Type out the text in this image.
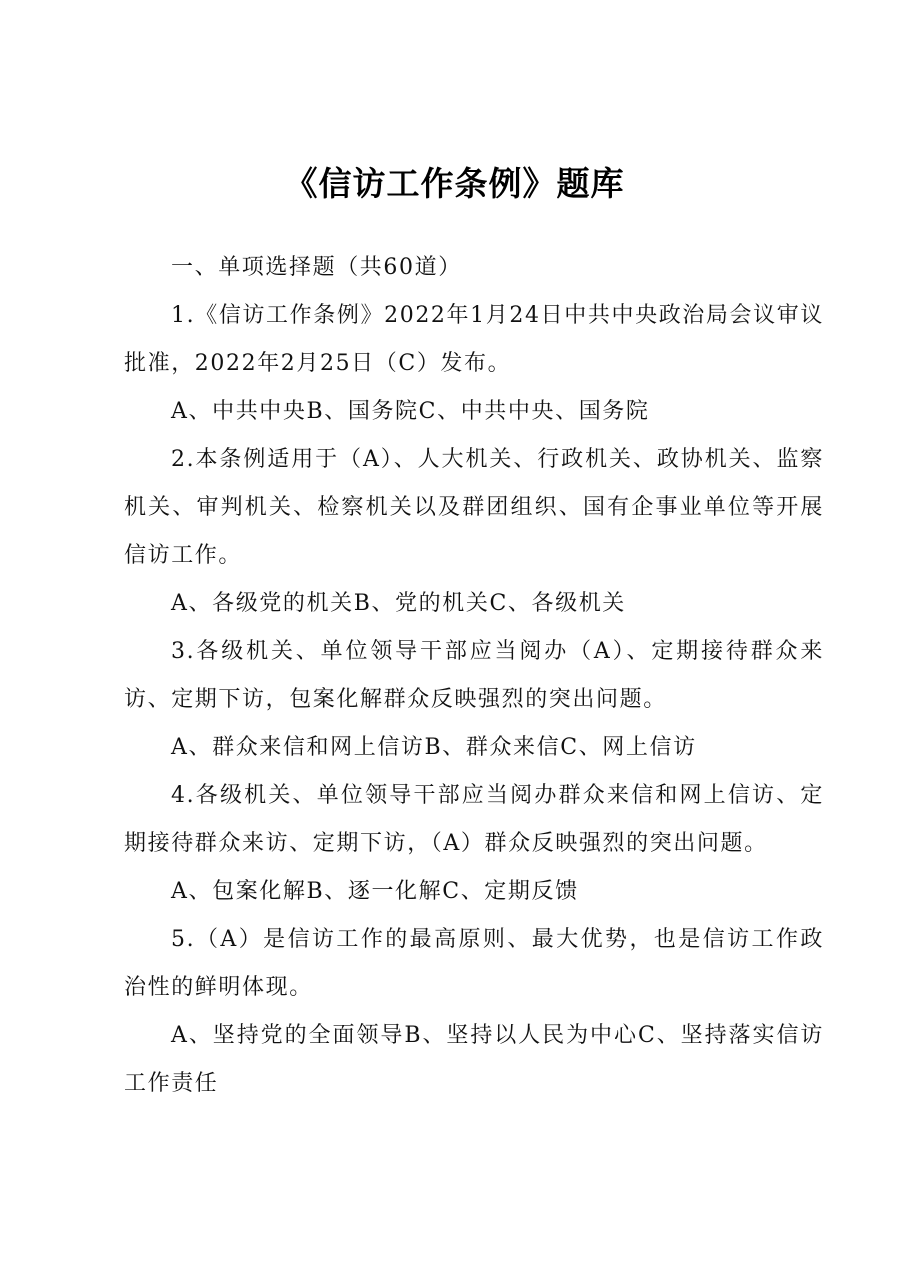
《信访工作条例》题库

一、单项选择题（共60道）

1.《信访工作条例》2022年1月24日中共中央政治局会议审议批准，2022年2月25日（C）发布。

A、中共中央B、国务院C、中共中央、国务院

2.本条例适用于（A）、人大机关、行政机关、政协机关、监察机关、审判机关、检察机关以及群团组织、国有企事业单位等开展信访工作。

A、各级党的机关B、党的机关C、各级机关

3.各级机关、单位领导干部应当阅办（A）、定期接待群众来访、定期下访，包案化解群众反映强烈的突出问题。

A、群众来信和网上信访B、群众来信C、网上信访

4.各级机关、单位领导干部应当阅办群众来信和网上信访、定期接待群众来访、定期下访，（A）群众反映强烈的突出问题。

A、包案化解B、逐一化解C、定期反馈

5.（A）是信访工作的最高原则、最大优势，也是信访工作政治性的鲜明体现。

A、坚持党的全面领导B、坚持以人民为中心C、坚持落实信访工作责任
